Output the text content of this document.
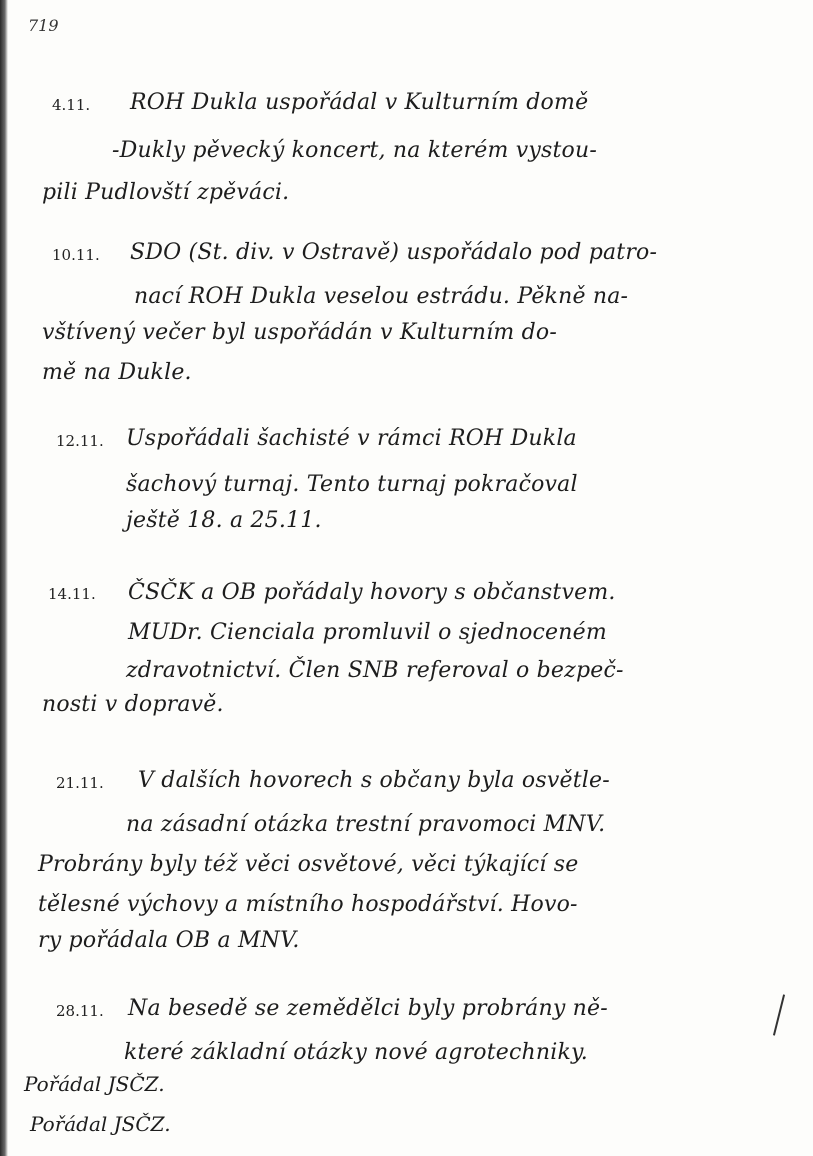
719
4.11. ROH Dukla uspořádal v Kulturním domě
-Dukly pěvecký koncert, na kterém vystou-
pili Pudlovští zpěváci.
10.11. SDO (St. div. v Ostravě) uspořádalo pod patro-
nací ROH Dukla veselou estrádu. Pěkně na-
vštívený večer byl uspořádán v Kulturním do-
mě na Dukle.
12.11. Uspořádali šachisté v rámci ROH Dukla
šachový turnaj. Tento turnaj pokračoval
ještě 18. a 25.11.
14.11. ČSČK a OB pořádaly hovory s občanstvem.
MUDr. Cienciala promluvil o sjednoceném
zdravotnictví. Člen SNB referoval o bezpeč-
nosti v dopravě.
21.11. V dalších hovorech s občany byla osvětle-
na zásadní otázka trestní pravomoci MNV.
Probrány byly též věci osvětové, věci týkající se
tělesné výchovy a místního hospodářství. Hovo-
ry pořádala OB a MNV.
28.11. Na besedě se zemědělci byly probrány ně-
které základní otázky nové agrotechniky.
Pořádal JSČZ.
Pořádal JSČZ.
